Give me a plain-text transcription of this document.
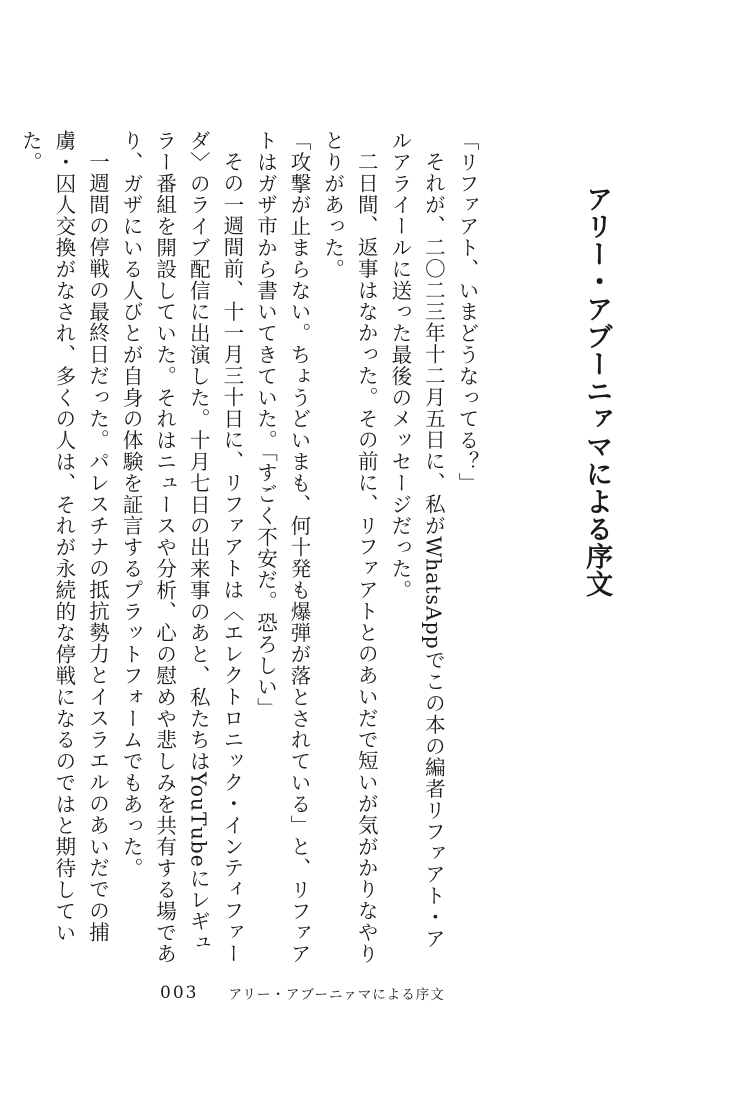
アリー・アブーニァマによる序文

「リファアト、いまどうなってる？」

それが、二〇二三年十二月五日に、私がWhatsAppでこの本の編者リファアト・アルアライールに送った最後のメッセージだった。

二日間、返事はなかった。その前に、リファアトとのあいだで短いが気がかりなやりとりがあった。

「攻撃が止まらない。ちょうどいまも、何十発も爆弾が落とされている」と、リファアトはガザ市から書いてきていた。「すごく不安だ。恐ろしい」

その一週間前、十一月三十日に、リファアトは〈エレクトロニック・インティファーダ〉のライブ配信に出演した。十月七日の出来事のあと、私たちはYouTubeにレギュラー番組を開設していた。それはニュースや分析、心の慰めや悲しみを共有する場であり、ガザにいる人びとが自身の体験を証言するプラットフォームでもあった。

一週間の停戦の最終日だった。パレスチナの抵抗勢力とイスラエルのあいだでの捕虜・囚人交換がなされ、多くの人は、それが永続的な停戦になるのではと期待していた。

003 アリー・アブーニァマによる序文
